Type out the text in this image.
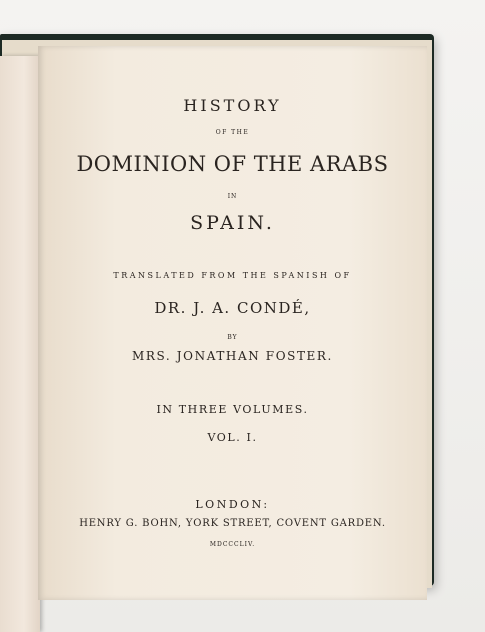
HISTORY
OF THE
DOMINION OF THE ARABS
IN
SPAIN.
TRANSLATED FROM THE SPANISH OF
DR. J. A. CONDÉ,
BY
MRS. JONATHAN FOSTER.
IN THREE VOLUMES.
VOL. I.
LONDON:
HENRY G. BOHN, YORK STREET, COVENT GARDEN.
MDCCCLIV.
